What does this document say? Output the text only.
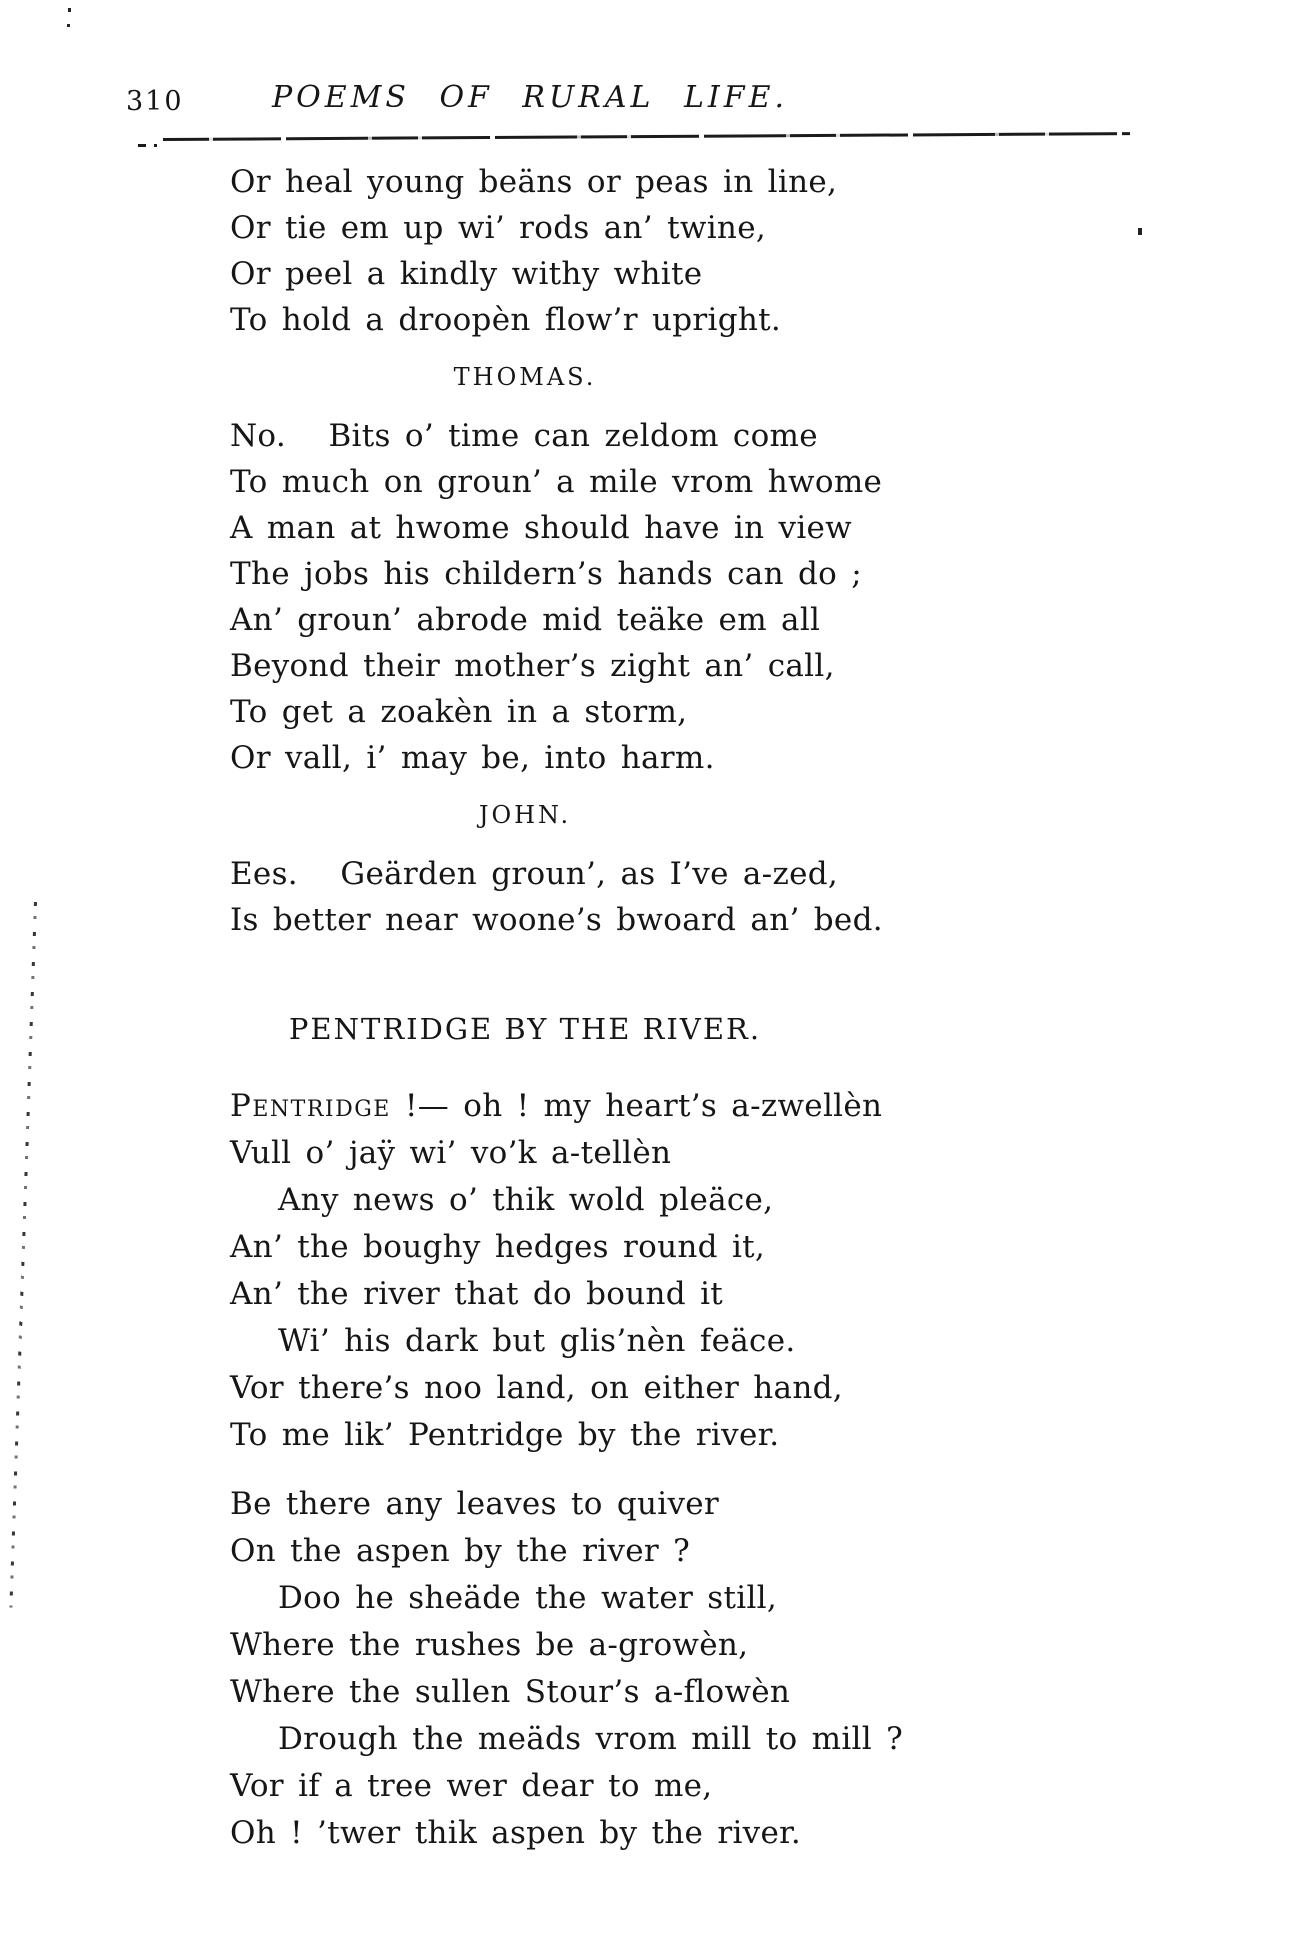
310	POEMS OF RURAL LIFE.
Or heal young beäns or peas in line,
Or tie em up wi’ rods an’ twine,
Or peel a kindly withy white
To hold a droopèn flow’r upright.
THOMAS.
No.   Bits o’ time can zeldom come
To much on groun’ a mile vrom hwome
A man at hwome should have in view
The jobs his childern’s hands can do ;
An’ groun’ abrode mid teäke em all
Beyond their mother’s zight an’ call,
To get a zoakèn in a storm,
Or vall, i’ may be, into harm.
JOHN.
Ees.   Geärden groun’, as I’ve a-zed,
Is better near woone’s bwoard an’ bed.
PENTRIDGE BY THE RIVER.
Pentridge !— oh ! my heart’s a-zwellèn
Vull o’ jaÿ wi’ vo’k a-tellèn
Any news o’ thik wold pleäce,
An’ the boughy hedges round it,
An’ the river that do bound it
Wi’ his dark but glis’nèn feäce.
Vor there’s noo land, on either hand,
To me lik’ Pentridge by the river.
Be there any leaves to quiver
On the aspen by the river ?
Doo he sheäde the water still,
Where the rushes be a-growèn,
Where the sullen Stour’s a-flowèn
Drough the meäds vrom mill to mill ?
Vor if a tree wer dear to me,
Oh ! ’twer thik aspen by the river.
